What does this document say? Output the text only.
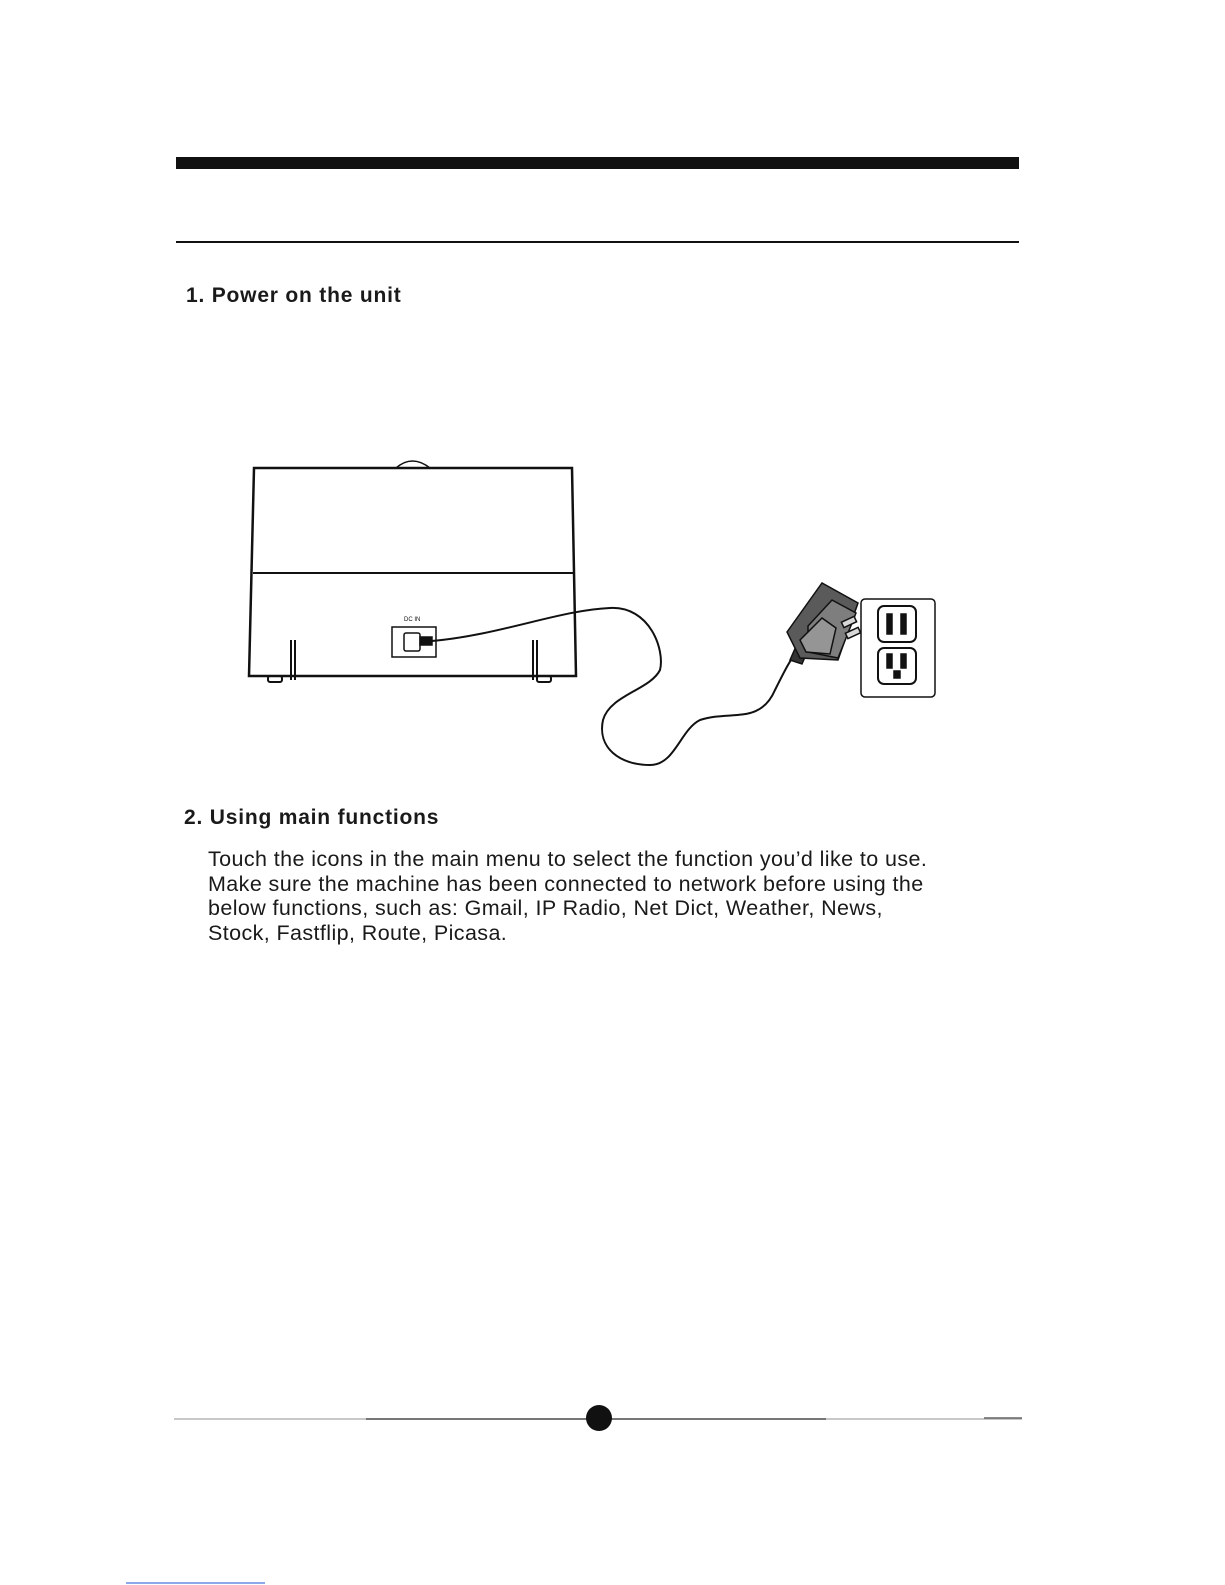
1. Power on the unit
DC IN
2. Using main functions
Touch the icons in the main menu to select the function you’d like to use.
Make sure the machine has been connected to network before using the
below functions, such as: Gmail, IP Radio, Net Dict, Weather, News,
Stock, Fastflip, Route, Picasa.
